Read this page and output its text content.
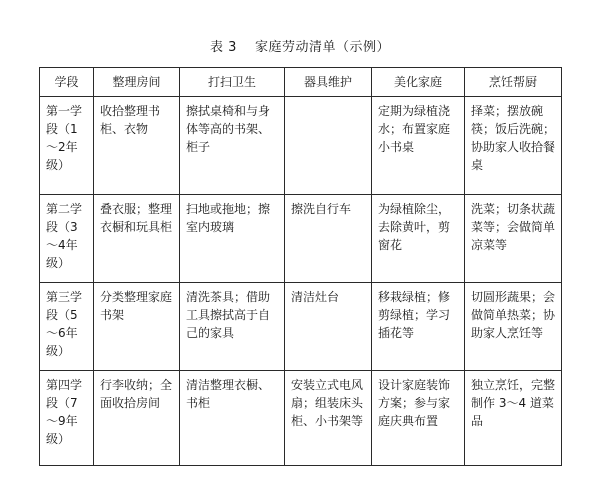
表 3 家庭劳动清单（示例）
学段	整理房间	打扫卫生	器具维护	美化家庭	烹饪帮厨
第一学段（1～2年级）	收拾整理书柜、衣物	擦拭桌椅和与身体等高的书架、柜子		定期为绿植浇水；布置家庭小书桌	择菜；摆放碗筷；饭后洗碗；协助家人收拾餐桌
第二学段（3～4年级）	叠衣服；整理衣橱和玩具柜	扫地或拖地；擦室内玻璃	擦洗自行车	为绿植除尘，去除黄叶，剪窗花	洗菜；切条状蔬菜等；会做简单凉菜等
第三学段（5～6年级）	分类整理家庭书架	清洗茶具；借助工具擦拭高于自己的家具	清洁灶台	移栽绿植；修剪绿植；学习插花等	切圆形蔬果；会做简单热菜；协助家人烹饪等
第四学段（7～9年级）	行李收纳；全面收拾房间	清洁整理衣橱、书柜	安装立式电风扇；组装床头柜、小书架等	设计家庭装饰方案；参与家庭庆典布置	独立烹饪，完整制作 3～4 道菜品
